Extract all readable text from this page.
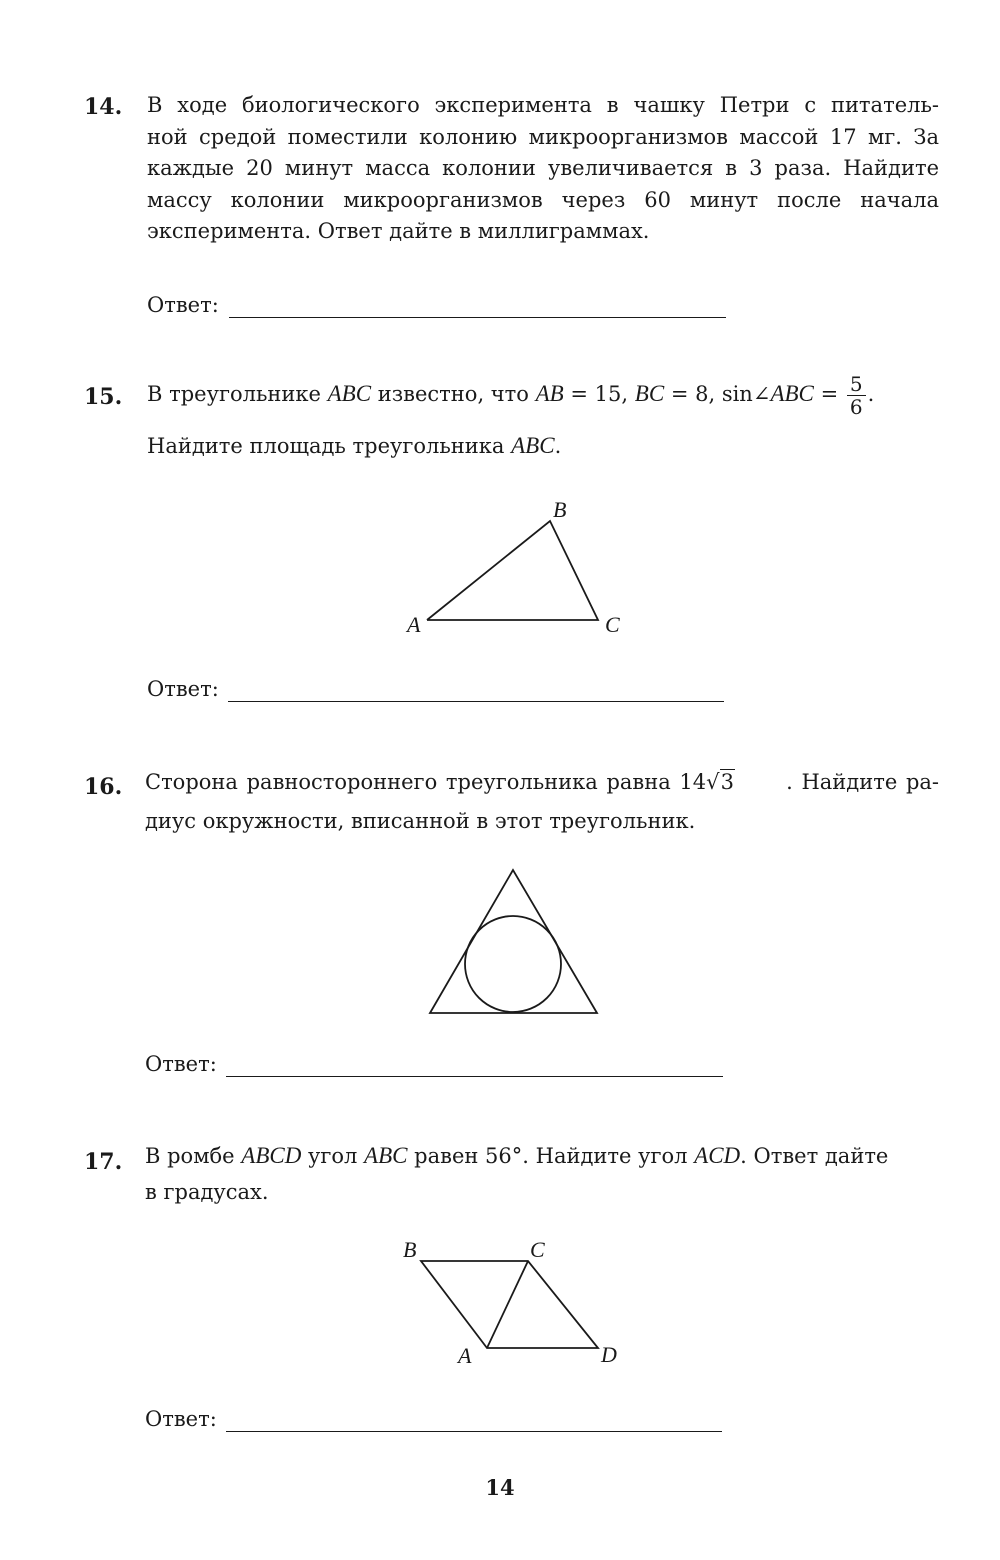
14. В ходе биологического эксперимента в чашку Петри с питатель-
ной средой поместили колонию микроорганизмов массой 17 мг. За
каждые 20 минут масса колонии увеличивается в 3 раза. Найдите
массу колонии микроорганизмов через 60 минут после начала
эксперимента. Ответ дайте в миллиграммах.
Ответ:
15. В треугольнике ABC известно, что AB = 15, BC = 8, sin∠ABC = $\frac{5}{6}$ .
Найдите площадь треугольника ABC.
B
A	C
B	C
A	D
Ответ:
16. Сторона равностороннего треугольника равна 14 √3 . Найдите ра-
диус окружности, вписанной в этот треугольник.
Ответ:
17. В ромбе ABCD угол ABC равен 56°. Найдите угол ACD. Ответ дайте
в градусах.
Ответ:
14
